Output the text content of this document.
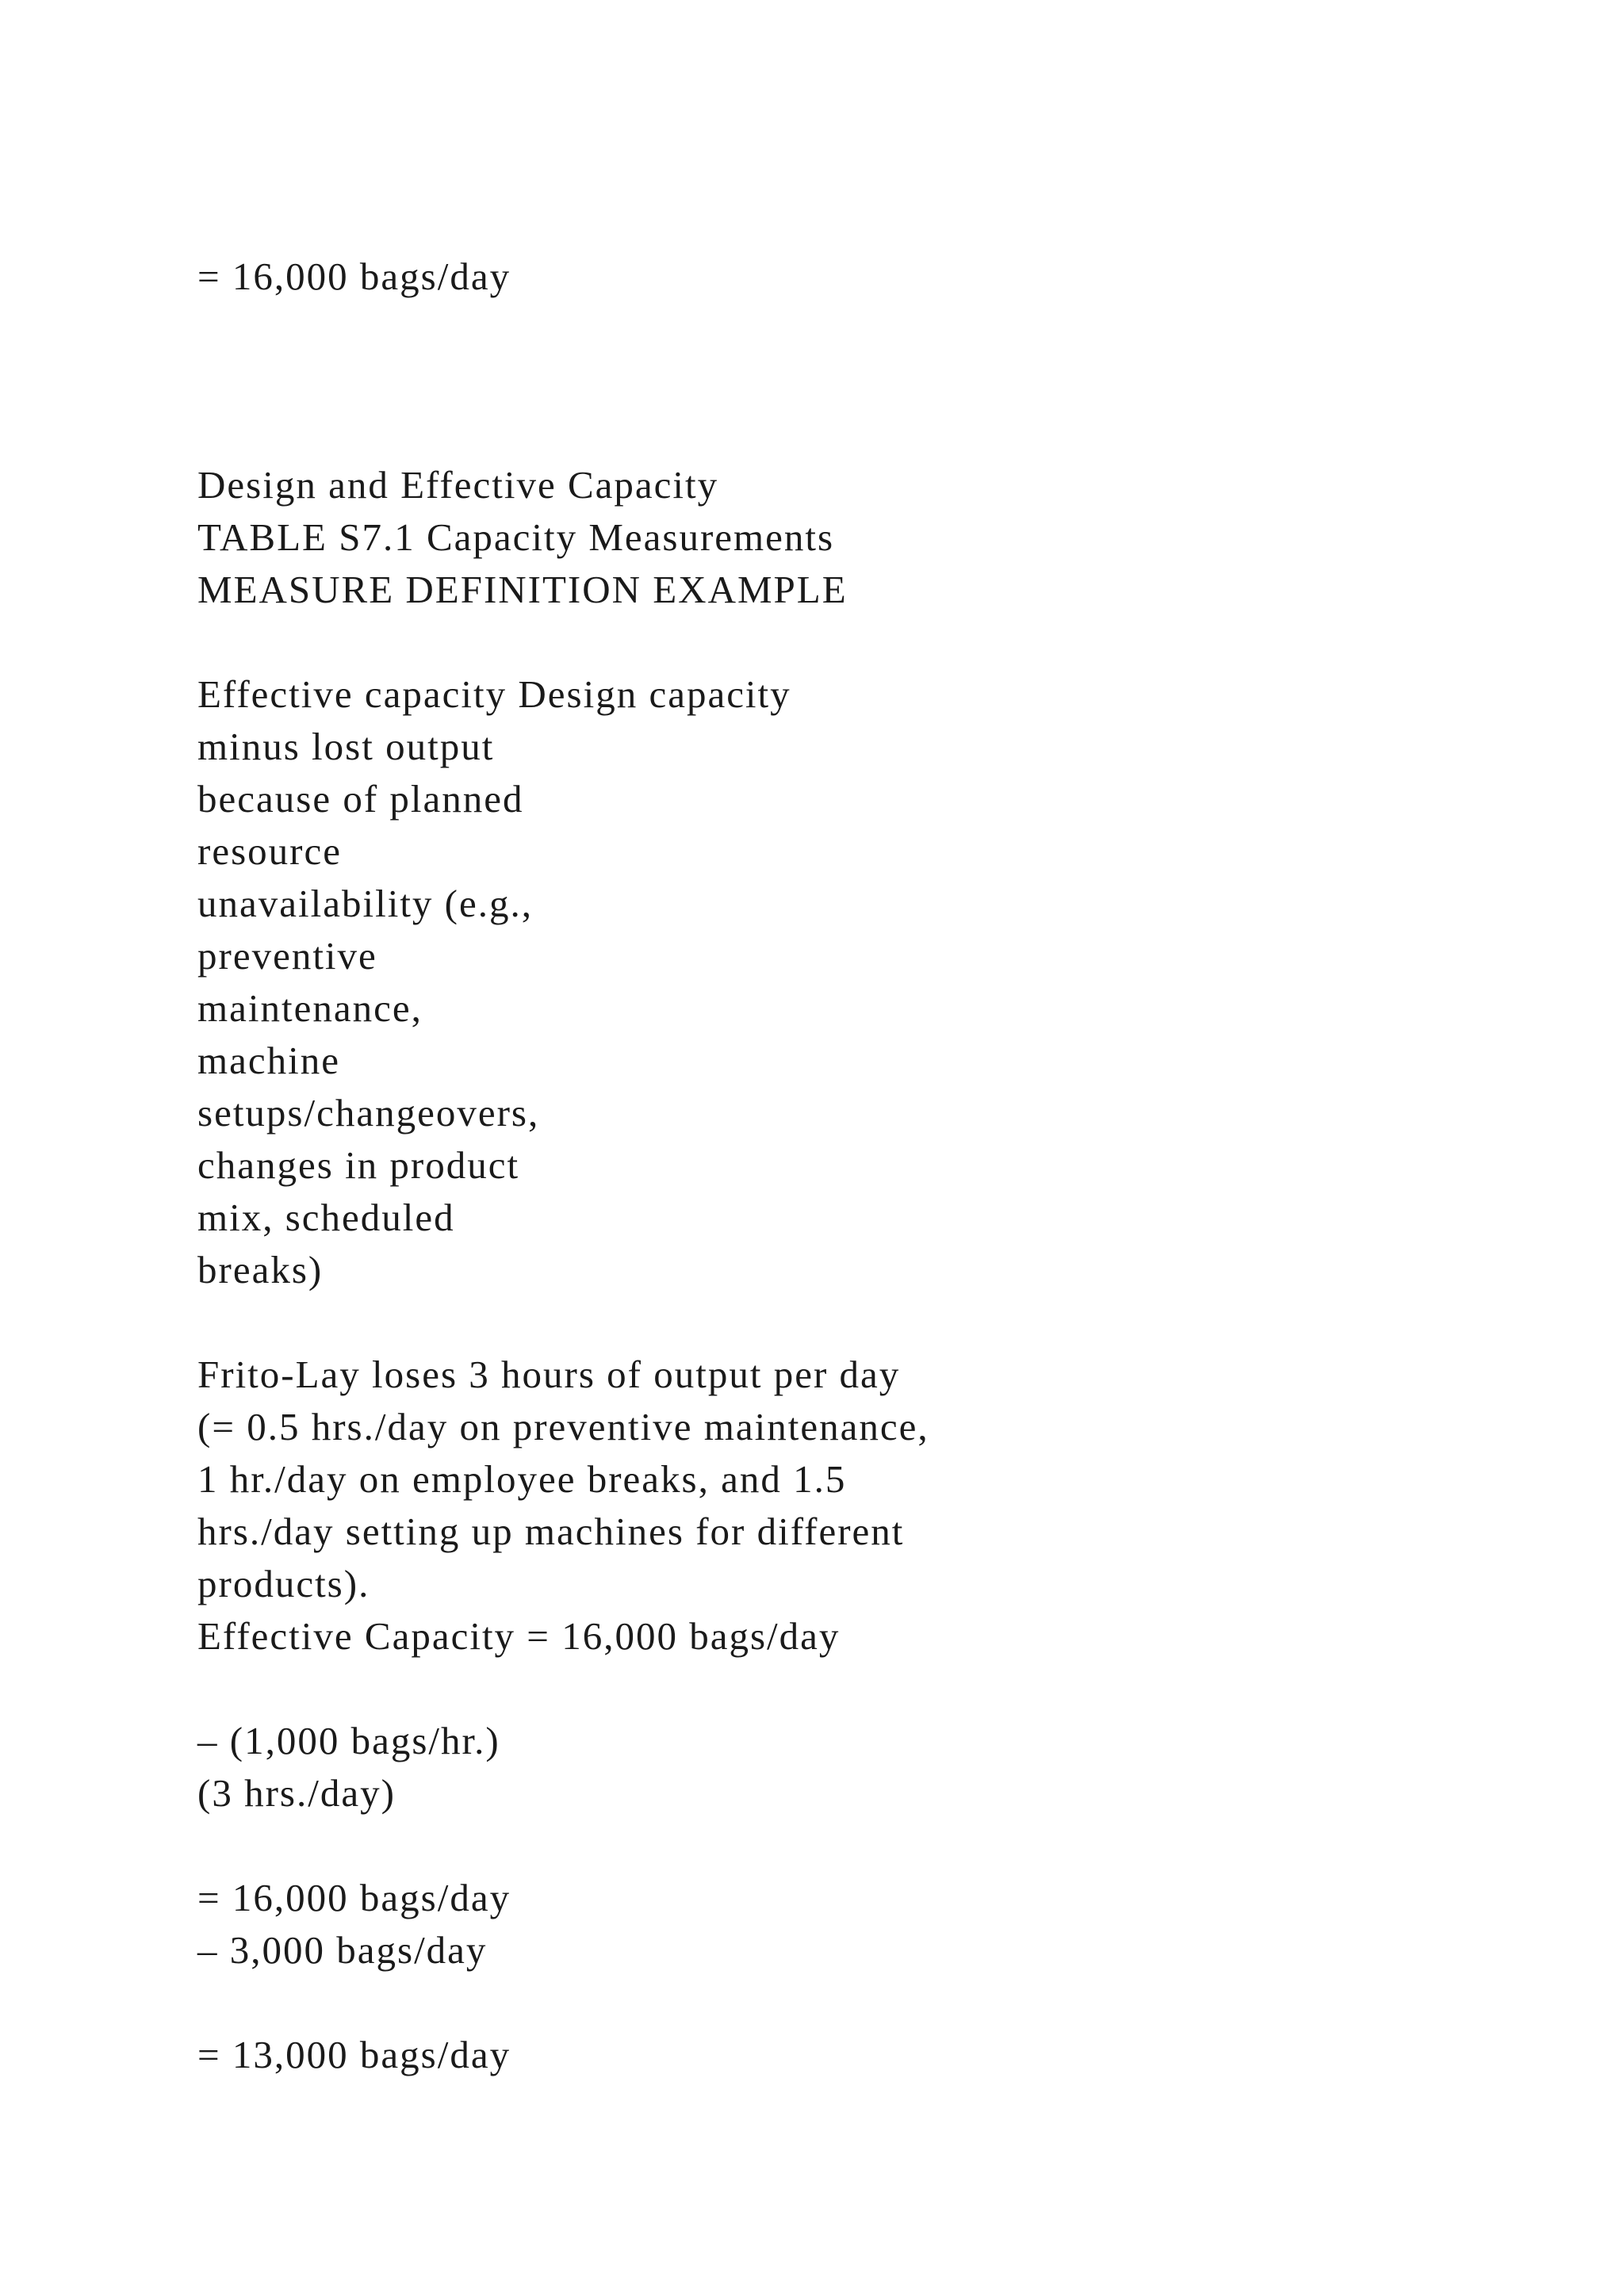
= 16,000 bags/day

Design and Effective Capacity

TABLE S7.1 Capacity Measurements

MEASURE DEFINITION EXAMPLE

Effective capacity Design capacity

minus lost output

because of planned

resource

unavailability (e.g.,

preventive

maintenance,

machine

setups/changeovers,

changes in product

mix, scheduled

breaks)

Frito-Lay loses 3 hours of output per day

(= 0.5 hrs./day on preventive maintenance,

1 hr./day on employee breaks, and 1.5

hrs./day setting up machines for different

products).

Effective Capacity = 16,000 bags/day

– (1,000 bags/hr.)

(3 hrs./day)

= 16,000 bags/day

– 3,000 bags/day

= 13,000 bags/day
